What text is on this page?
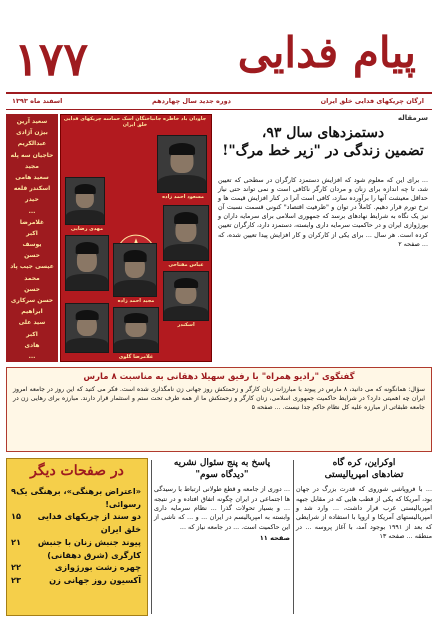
۱۷۷	پیام فدایی
ارگان چریکهای فدایی خلق ایران
دوره جدید سال چهاردهم
اسفند ماه ۱۳۹۳
سعید آرین
بیژن آژادی
عبدالکریم
حاجیان سه پله
مجید
سعید هامی
اسکندر قلعه
حیدر
...
غلامرضا
اکبر
یوسف
حسن
عیسی جیب پاد
محمد
حسن
حسن سرکاری
ابراهیم
سید علی
اکبر
هادی
...
جاودان باد خاطره جانباختگان اسک حماسه چریکهای فدایی خلق ایران
مسعود احمد زاده
عباس مفتاحی
مهدی رضایی
مجید احمد زاده
اسکندر
غلامرضا گلوی
سرمقاله
دستمزدهای سال ۹۳،
تضمین زندگی در "زیر خط مرگ"!
... برای این که معلوم شود که افزایش دستمزد کارگران در سطحی که تعیین شد، تا چه اندازه برای زنان و مردان کارگر ناکافی است و نمی تواند حتی نیاز حداقل معیشت آنها را برآورده سازد، کافی است آنرا در کنار افزایش قیمت ها و نرخ تورم قرار دهیم. کاملاً در توان و "ظرفیت اقتصاد" کنونی قسمت نسبت آن نیز یک نگاه به شرایط نهادهای برسد که جمهوری اسلامی برای سرمایه داران و بورژوازی ایران و در حاکمیت سرمایه داری وابسته، دستمزد دارد، کارگران تعیین کرده است. هر سال ... برای یکی از کارکران و کار افزایش پیدا تعیین شده، که ... صفحه ۲
گفتگوی "رادیو همراه" با رفیق سهیلا دهقانی به مناسبت ۸ مارس
سؤال: همانگونه که می دانید، ۸ مارس در پیوند با مبارزات زنان کارگر و زحمتکش روز جهانی زن نامگذاری شده است. فکر می کنید که این روز در جامعه امروز ایران چه اهمیتی دارد؟ در شرایط حاکمیت جمهوری اسلامی، زنان کارگر و زحمتکش ما از همه طرف تحت ستم و استثمار قرار دارند. مبارزه برای رهایی زن در جامعه طبقاتی از مبارزه علیه کل نظام حاکم جدا نیست. ... صفحه ۵
در صفحات دیگر
«اعتراض برهنگی»، برهنگی یک رسوائی!
۹
دو سند از چریکهای فدایی خلق ایران
۱۵
پیوند جنبش زنان با جنبش کارگری (شرق دهقانی)
۲۱
چهره زشت بورژوازی
۲۲
آکسیون روز جهانی زن
۲۳
پاسخ به پنج سئوال نشریه
"دیدگاه سوم"
... دوری از جامعه و قطع طولانی ارتباط با رسیدگی ها اجتماعی در ایران چگونه اتفاق افتاده و در نتیجه ... و بسیار تحولات گذرا ... نظام سرمایه داری وابسته به امپریالیسم در ایران ... و ... که ناشی از این حاکمیت است. ... در جامعه نیاز که ...
صفحه ۱۱
اوکراین، کره گاه
تضادهای امپریالیستی
... با فروپاشی شوروی که قدرت بزرگ در جهان بود، آمریکا که یکی از قطب هایی که در مقابل جبهه امپریالیستی غرب قرار داشت، ... وارد شد و امپریالیستهای آمریکا و اروپا با استفاده از شرایطی که بعد از ۱۹۹۱ بوجود آمد، با آغاز پروسه ... در منطقه ... صفحه ۱۳
